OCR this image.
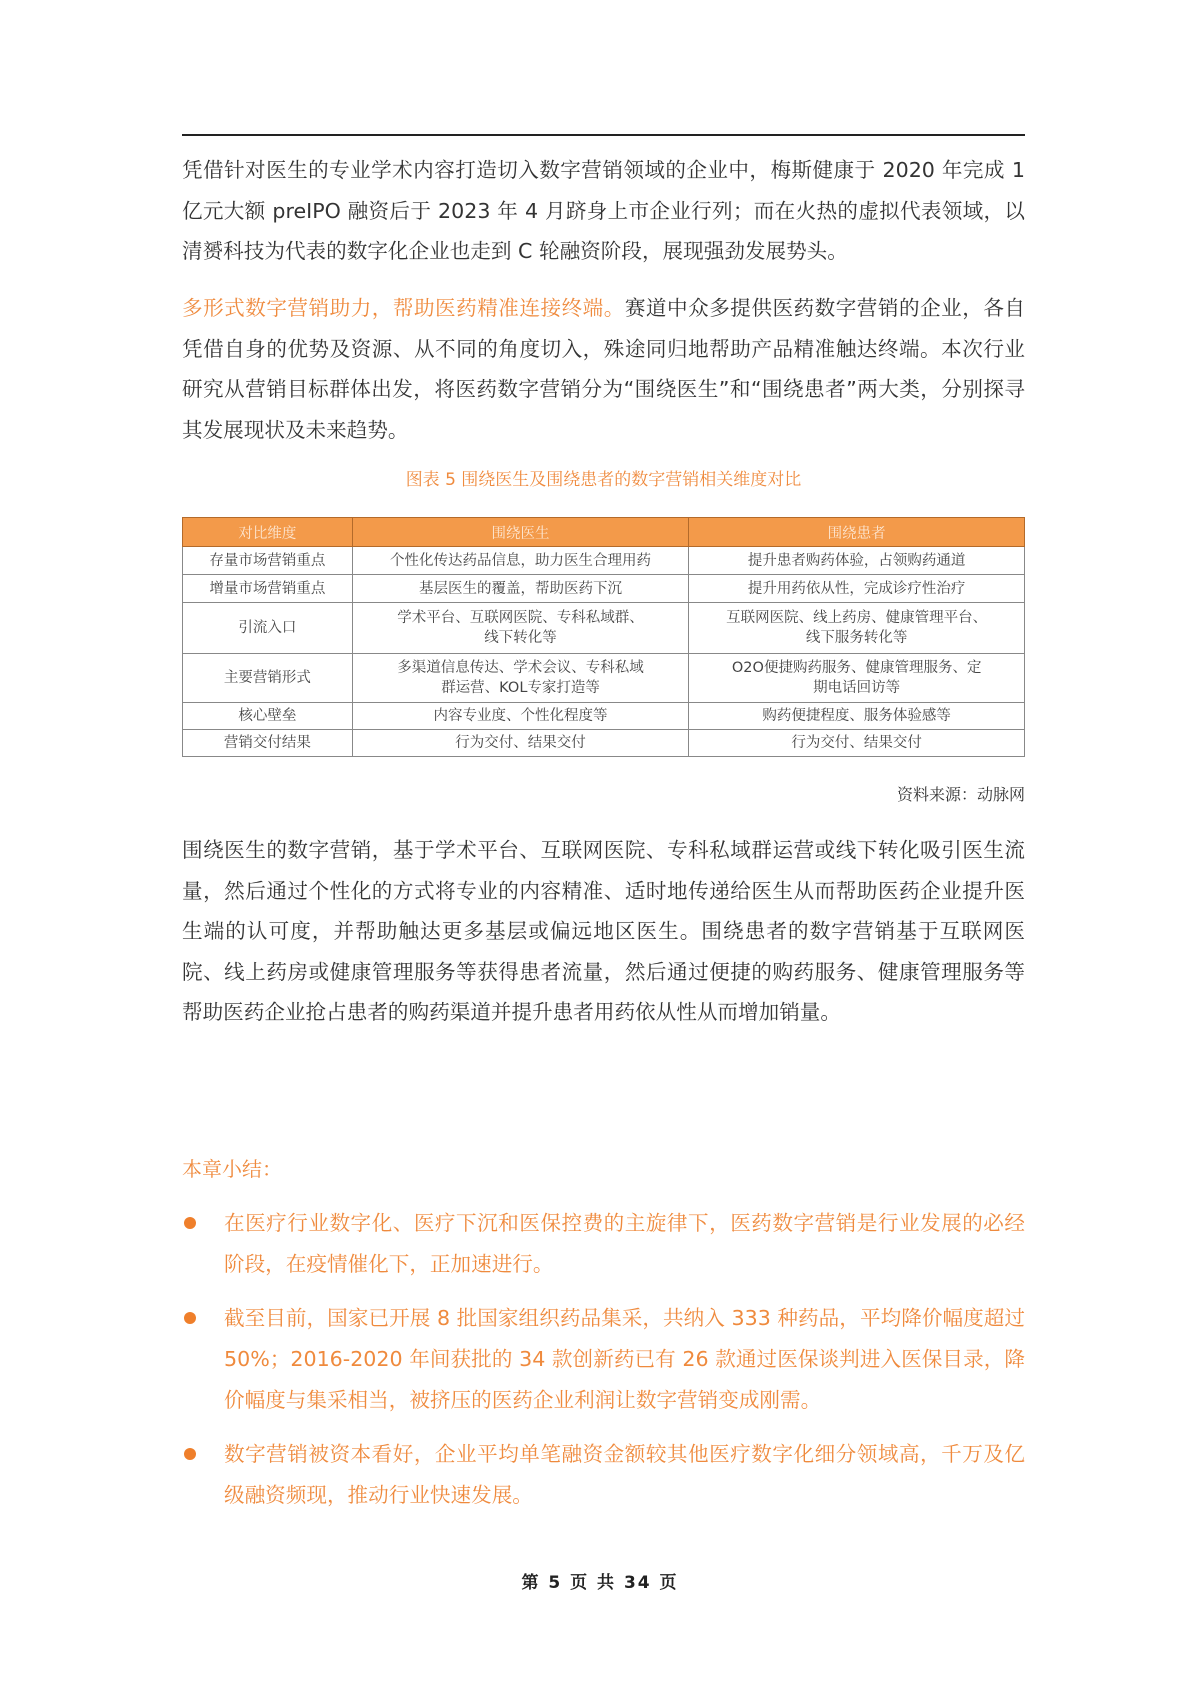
凭借针对医生的专业学术内容打造切入数字营销领域的企业中，梅斯健康于 2020 年完成 1 亿元大额 preIPO 融资后于 2023 年 4 月跻身上市企业行列；而在火热的虚拟代表领域，以清赟科技为代表的数字化企业也走到 C 轮融资阶段，展现强劲发展势头。

多形式数字营销助力，帮助医药精准连接终端。赛道中众多提供医药数字营销的企业，各自凭借自身的优势及资源、从不同的角度切入，殊途同归地帮助产品精准触达终端。本次行业研究从营销目标群体出发，将医药数字营销分为“围绕医生”和“围绕患者”两大类，分别探寻其发展现状及未来趋势。

图表 5 围绕医生及围绕患者的数字营销相关维度对比
对比维度	围绕医生	围绕患者
存量市场营销重点	个性化传达药品信息，助力医生合理用药	提升患者购药体验，占领购药通道
增量市场营销重点	基层医生的覆盖，帮助医药下沉	提升用药依从性，完成诊疗性治疗
引流入口	学术平台、互联网医院、专科私域群、线下转化等	互联网医院、线上药房、健康管理平台、线下服务转化等
主要营销形式	多渠道信息传达、学术会议、专科私域群运营、KOL专家打造等	O2O便捷购药服务、健康管理服务、定期电话回访等
核心壁垒	内容专业度、个性化程度等	购药便捷程度、服务体验感等
营销交付结果	行为交付、结果交付	行为交付、结果交付
资料来源：动脉网

围绕医生的数字营销，基于学术平台、互联网医院、专科私域群运营或线下转化吸引医生流量，然后通过个性化的方式将专业的内容精准、适时地传递给医生从而帮助医药企业提升医生端的认可度，并帮助触达更多基层或偏远地区医生。围绕患者的数字营销基于互联网医院、线上药房或健康管理服务等获得患者流量，然后通过便捷的购药服务、健康管理服务等帮助医药企业抢占患者的购药渠道并提升患者用药依从性从而增加销量。

本章小结：
在医疗行业数字化、医疗下沉和医保控费的主旋律下，医药数字营销是行业发展的必经阶段，在疫情催化下，正加速进行。
截至目前，国家已开展 8 批国家组织药品集采，共纳入 333 种药品，平均降价幅度超过 50%；2016-2020 年间获批的 34 款创新药已有 26 款通过医保谈判进入医保目录，降价幅度与集采相当，被挤压的医药企业利润让数字营销变成刚需。
数字营销被资本看好，企业平均单笔融资金额较其他医疗数字化细分领域高，千万及亿级融资频现，推动行业快速发展。
第 5 页 共 34 页
